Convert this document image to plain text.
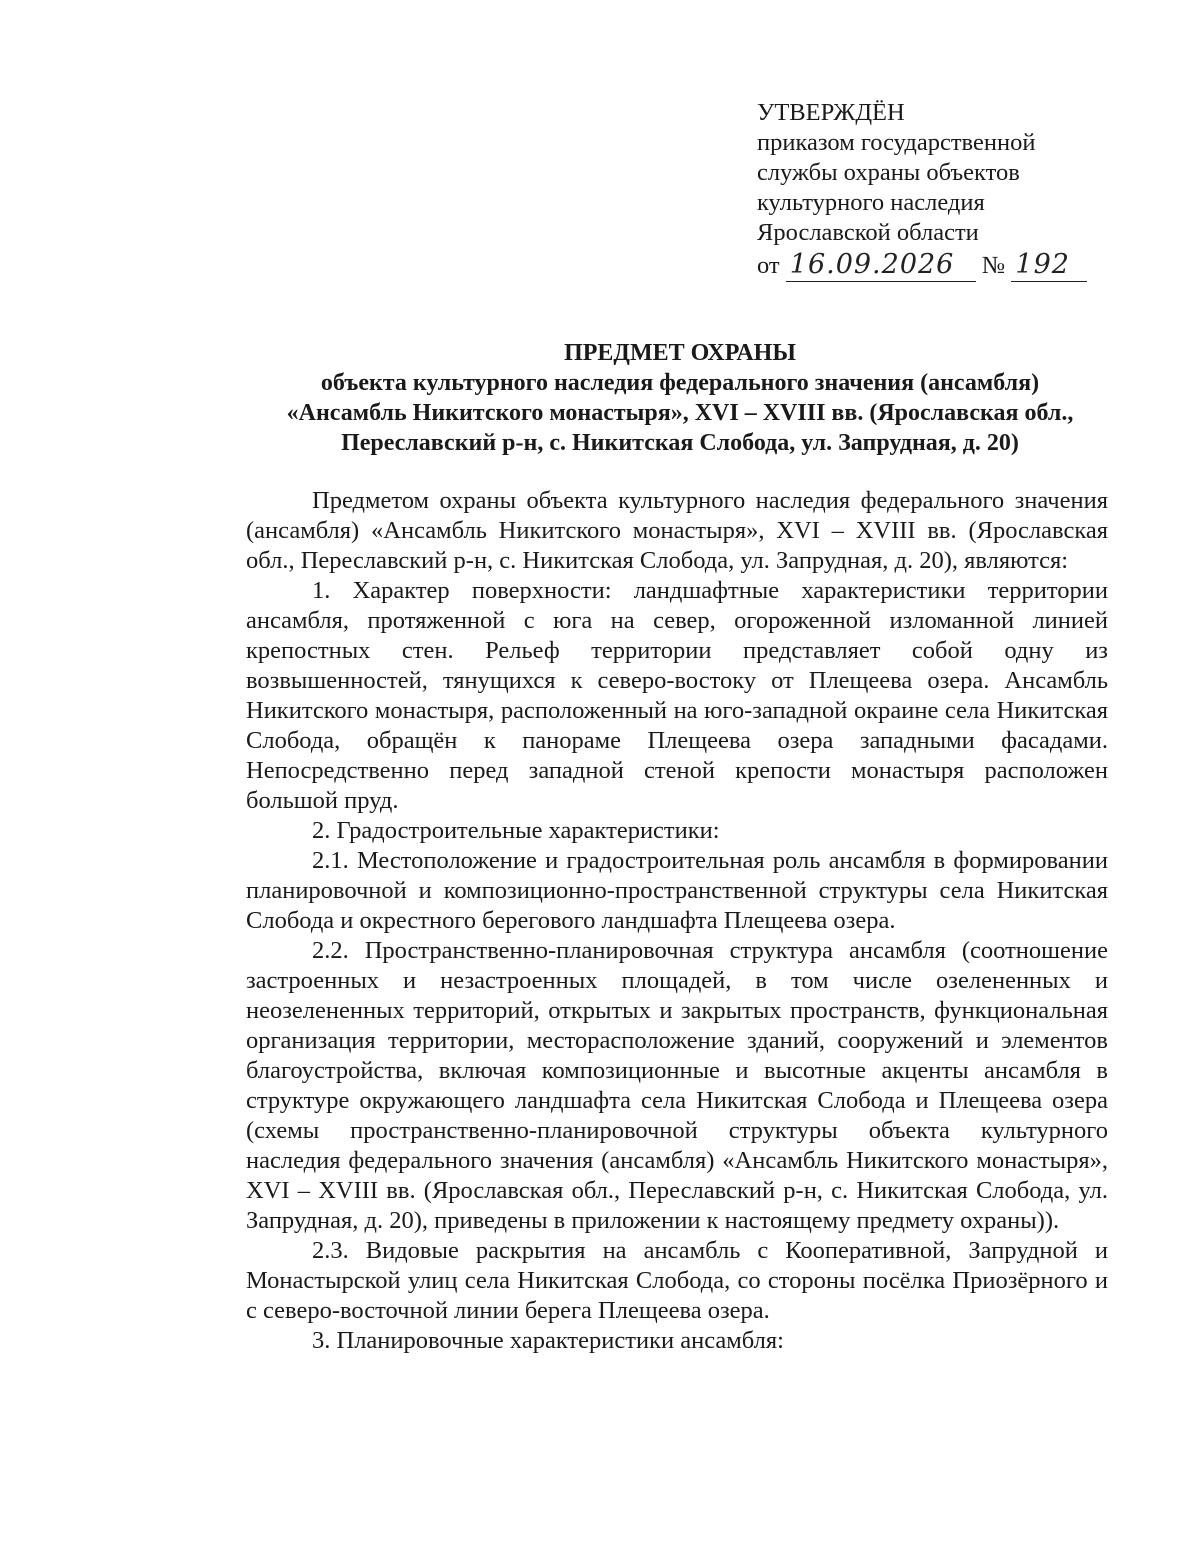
УТВЕРЖДЁН
приказом государственной
службы охраны объектов
культурного наследия
Ярославской области
от 16.09.2026 № 192
ПРЕДМЕТ ОХРАНЫ
объекта культурного наследия федерального значения (ансамбля)
«Ансамбль Никитского монастыря», XVI – XVIII вв. (Ярославская обл.,
Переславский р-н, с. Никитская Слобода, ул. Запрудная, д. 20)

Предметом охраны объекта культурного наследия федерального значения (ансамбля) «Ансамбль Никитского монастыря», XVI – XVIII вв. (Ярославская обл., Переславский р-н, с. Никитская Слобода, ул. Запрудная, д. 20), являются:

1. Характер поверхности: ландшафтные характеристики территории ансамбля, протяженной с юга на север, огороженной изломанной линией крепостных стен. Рельеф территории представляет собой одну из возвышенностей, тянущихся к северо-востоку от Плещеева озера. Ансамбль Никитского монастыря, расположенный на юго-западной окраине села Никитская Слобода, обращён к панораме Плещеева озера западными фасадами. Непосредственно перед западной стеной крепости монастыря расположен большой пруд.

2. Градостроительные характеристики:

2.1. Местоположение и градостроительная роль ансамбля в формировании планировочной и композиционно-пространственной структуры села Никитская Слобода и окрестного берегового ландшафта Плещеева озера.

2.2. Пространственно-планировочная структура ансамбля (соотношение застроенных и незастроенных площадей, в том числе озелененных и неозелененных территорий, открытых и закрытых пространств, функциональная организация территории, месторасположение зданий, сооружений и элементов благоустройства, включая композиционные и высотные акценты ансамбля в структуре окружающего ландшафта села Никитская Слобода и Плещеева озера (схемы пространственно-планировочной структуры объекта культурного наследия федерального значения (ансамбля) «Ансамбль Никитского монастыря», XVI – XVIII вв. (Ярославская обл., Переславский р-н, с. Никитская Слобода, ул. Запрудная, д. 20), приведены в приложении к настоящему предмету охраны)).

2.3. Видовые раскрытия на ансамбль с Кооперативной, Запрудной и Монастырской улиц села Никитская Слобода, со стороны посёлка Приозёрного и с северо-восточной линии берега Плещеева озера.

3. Планировочные характеристики ансамбля:
